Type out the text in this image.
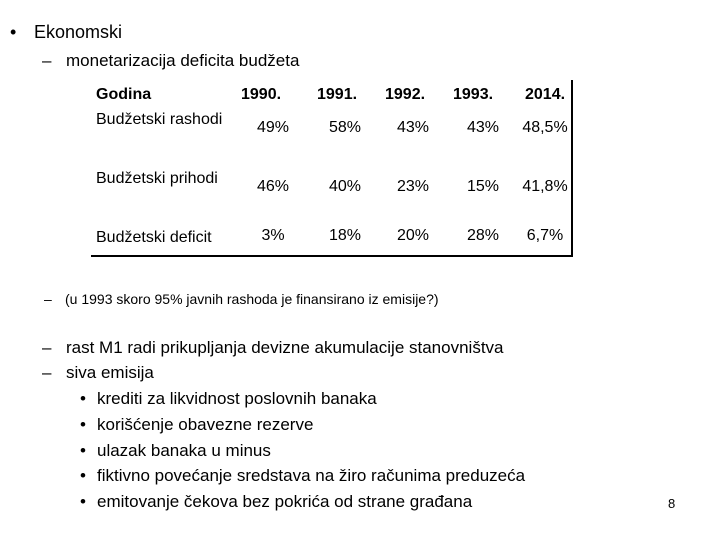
• Ekonomski
– monetarizacija deficita budžeta
Godina	1990.	1991.	1992.	1993.	2014.
Budžetski rashodi	49%	58%	43%	43%	48,5%
Budžetski prihodi	46%	40%	23%	15%	41,8%
Budžetski deficit	3%	18%	20%	28%	6,7%
– (u 1993 skoro 95% javnih rashoda je finansirano iz emisije?)
– rast M1 radi prikupljanja devizne akumulacije stanovništva
– siva emisija
• krediti za likvidnost poslovnih banaka
• korišćenje obavezne rezerve
• ulazak banaka u minus
• fiktivno povećanje sredstava na žiro računima preduzeća
• emitovanje čekova bez pokrića od strane građana	8
